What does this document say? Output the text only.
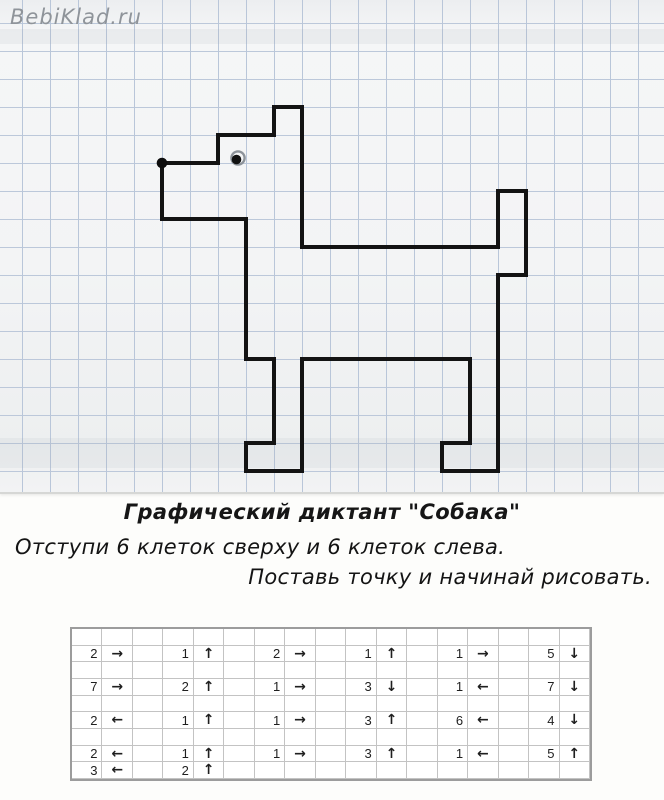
BebiKlad.ru
Графический диктант "Собака"

Отступи 6 клеток сверху и 6 клеток слева.

Поставь точку и начинай рисовать.

2 →	1 ↑	2 →	1 ↑	1 →	5 ↓
7 →	2 ↑	1 →	3 ↓	1 ←	7 ↓
2 ←	1 ↑	1 →	3 ↑	6 ←	4 ↓
2 ←	1 ↑	1 →	3 ↑	1 ←	5 ↑
3 ←	2 ↑
